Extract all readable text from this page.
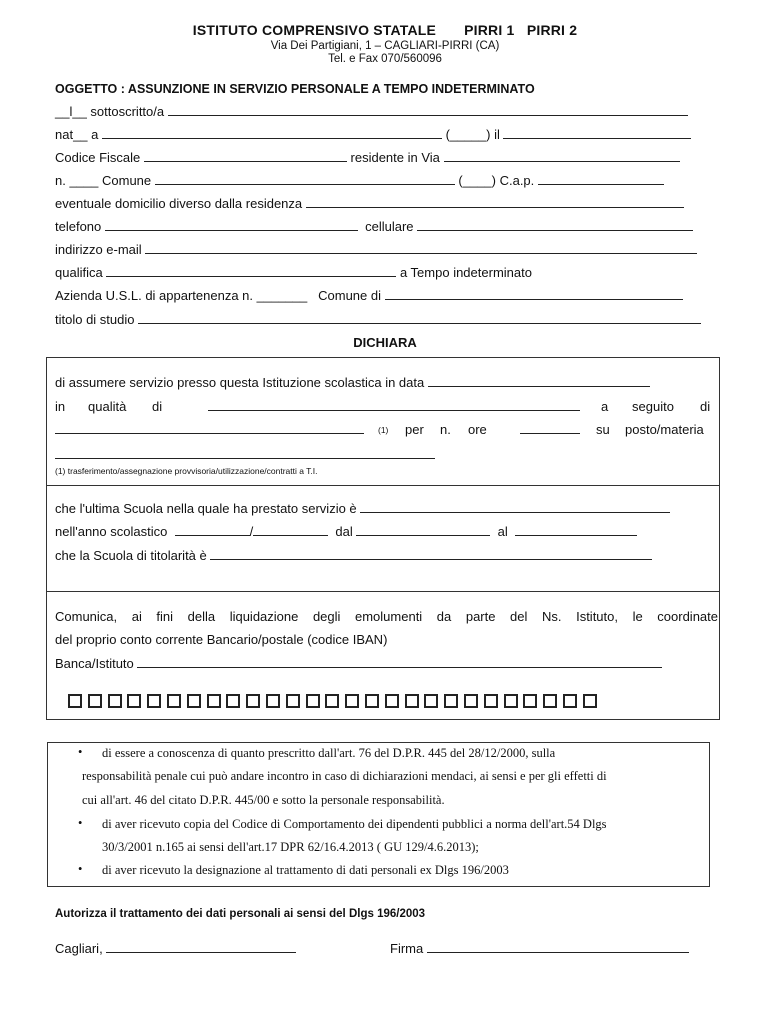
ISTITUTO COMPRENSIVO STATALE PIRRI 1 PIRRI 2
Via Dei Partigiani, 1 – CAGLIARI-PIRRI (CA)
Tel. e Fax 070/560096
OGGETTO : ASSUNZIONE IN SERVIZIO PERSONALE A TEMPO INDETERMINATO
__l__ sottoscritto/a
nat__ a	(_____) il
Codice Fiscale	residente in Via
n. ____ Comune	(____) C.a.p.
eventuale domicilio diverso dalla residenza
telefono	cellulare
indirizzo e-mail
qualifica	a Tempo indeterminato
Azienda U.S.L. di appartenenza n. _______ Comune di
titolo di studio
DICHIARA
di assumere servizio presso questa Istituzione scolastica in data
in qualità di	a seguito di
(1) per n. ore	su posto/materia
(1) trasferimento/assegnazione provvisoria/utilizzazione/contratti a T.I.
che l'ultima Scuola nella quale ha prestato servizio è
nell'anno scolastico	/	dal	al
che la Scuola di titolarità è
Comunica, ai fini della liquidazione degli emolumenti da parte del Ns. Istituto, le coordinate
del proprio conto corrente Bancario/postale (codice IBAN)
Banca/Istituto
• di essere a conoscenza di quanto prescritto dall'art. 76 del D.P.R. 445 del 28/12/2000, sulla
responsabilità penale cui può andare incontro in caso di dichiarazioni mendaci, ai sensi e per gli effetti di
cui all'art. 46 del citato D.P.R. 445/00 e sotto la personale responsabilità.
• di aver ricevuto copia del Codice di Comportamento dei dipendenti pubblici a norma dell'art.54 Dlgs
30/3/2001 n.165 ai sensi dell'art.17 DPR 62/16.4.2013 ( GU 129/4.6.2013);
• di aver ricevuto la designazione al trattamento di dati personali ex Dlgs 196/2003
Autorizza il trattamento dei dati personali ai sensi del Dlgs 196/2003
Cagliari,	Firma
